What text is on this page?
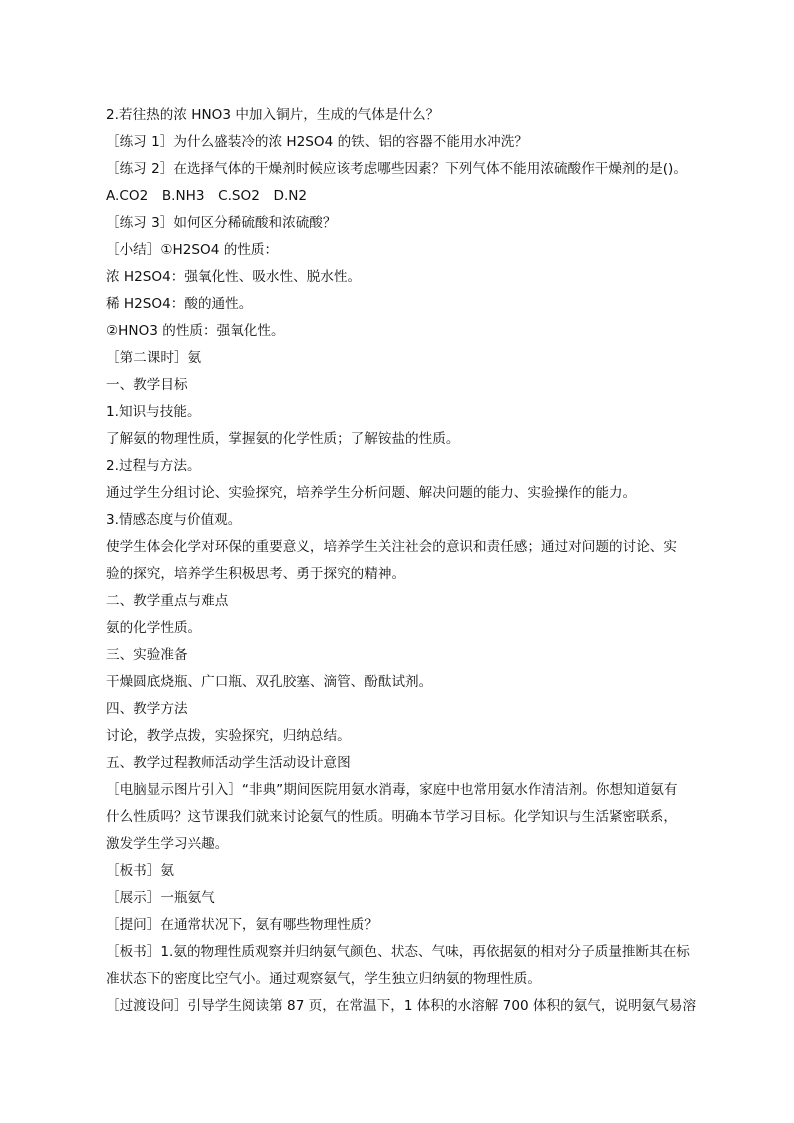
2.若往热的浓 HNO3 中加入铜片，生成的气体是什么？
［练习 1］为什么盛装冷的浓 H2SO4 的铁、铝的容器不能用水冲洗？
［练习 2］在选择气体的干燥剂时候应该考虑哪些因素？下列气体不能用浓硫酸作干燥剂的是()。
A.CO2　B.NH3　C.SO2　D.N2
［练习 3］如何区分稀硫酸和浓硫酸？
［小结］①H2SO4 的性质：
浓 H2SO4：强氧化性、吸水性、脱水性。
稀 H2SO4：酸的通性。
②HNO3 的性质：强氧化性。
［第二课时］氨
一、教学目标
1.知识与技能。
了解氨的物理性质，掌握氨的化学性质；了解铵盐的性质。
2.过程与方法。
通过学生分组讨论、实验探究，培养学生分析问题、解决问题的能力、实验操作的能力。
3.情感态度与价值观。
使学生体会化学对环保的重要意义，培养学生关注社会的意识和责任感；通过对问题的讨论、实
验的探究，培养学生积极思考、勇于探究的精神。
二、教学重点与难点
氨的化学性质。
三、实验准备
干燥圆底烧瓶、广口瓶、双孔胶塞、滴管、酚酞试剂。
四、教学方法
讨论，教学点拨，实验探究，归纳总结。
五、教学过程教师活动学生活动设计意图
［电脑显示图片引入］“非典”期间医院用氨水消毒，家庭中也常用氨水作清洁剂。你想知道氨有
什么性质吗？这节课我们就来讨论氨气的性质。明确本节学习目标。化学知识与生活紧密联系，
激发学生学习兴趣。
［板书］氨
［展示］一瓶氨气
［提问］在通常状况下，氨有哪些物理性质？
［板书］1.氨的物理性质观察并归纳氨气颜色、状态、气味，再依据氨的相对分子质量推断其在标
准状态下的密度比空气小。通过观察氨气，学生独立归纳氨的物理性质。
［过渡设问］引导学生阅读第 87 页，在常温下，1 体积的水溶解 700 体积的氨气，说明氨气易溶
